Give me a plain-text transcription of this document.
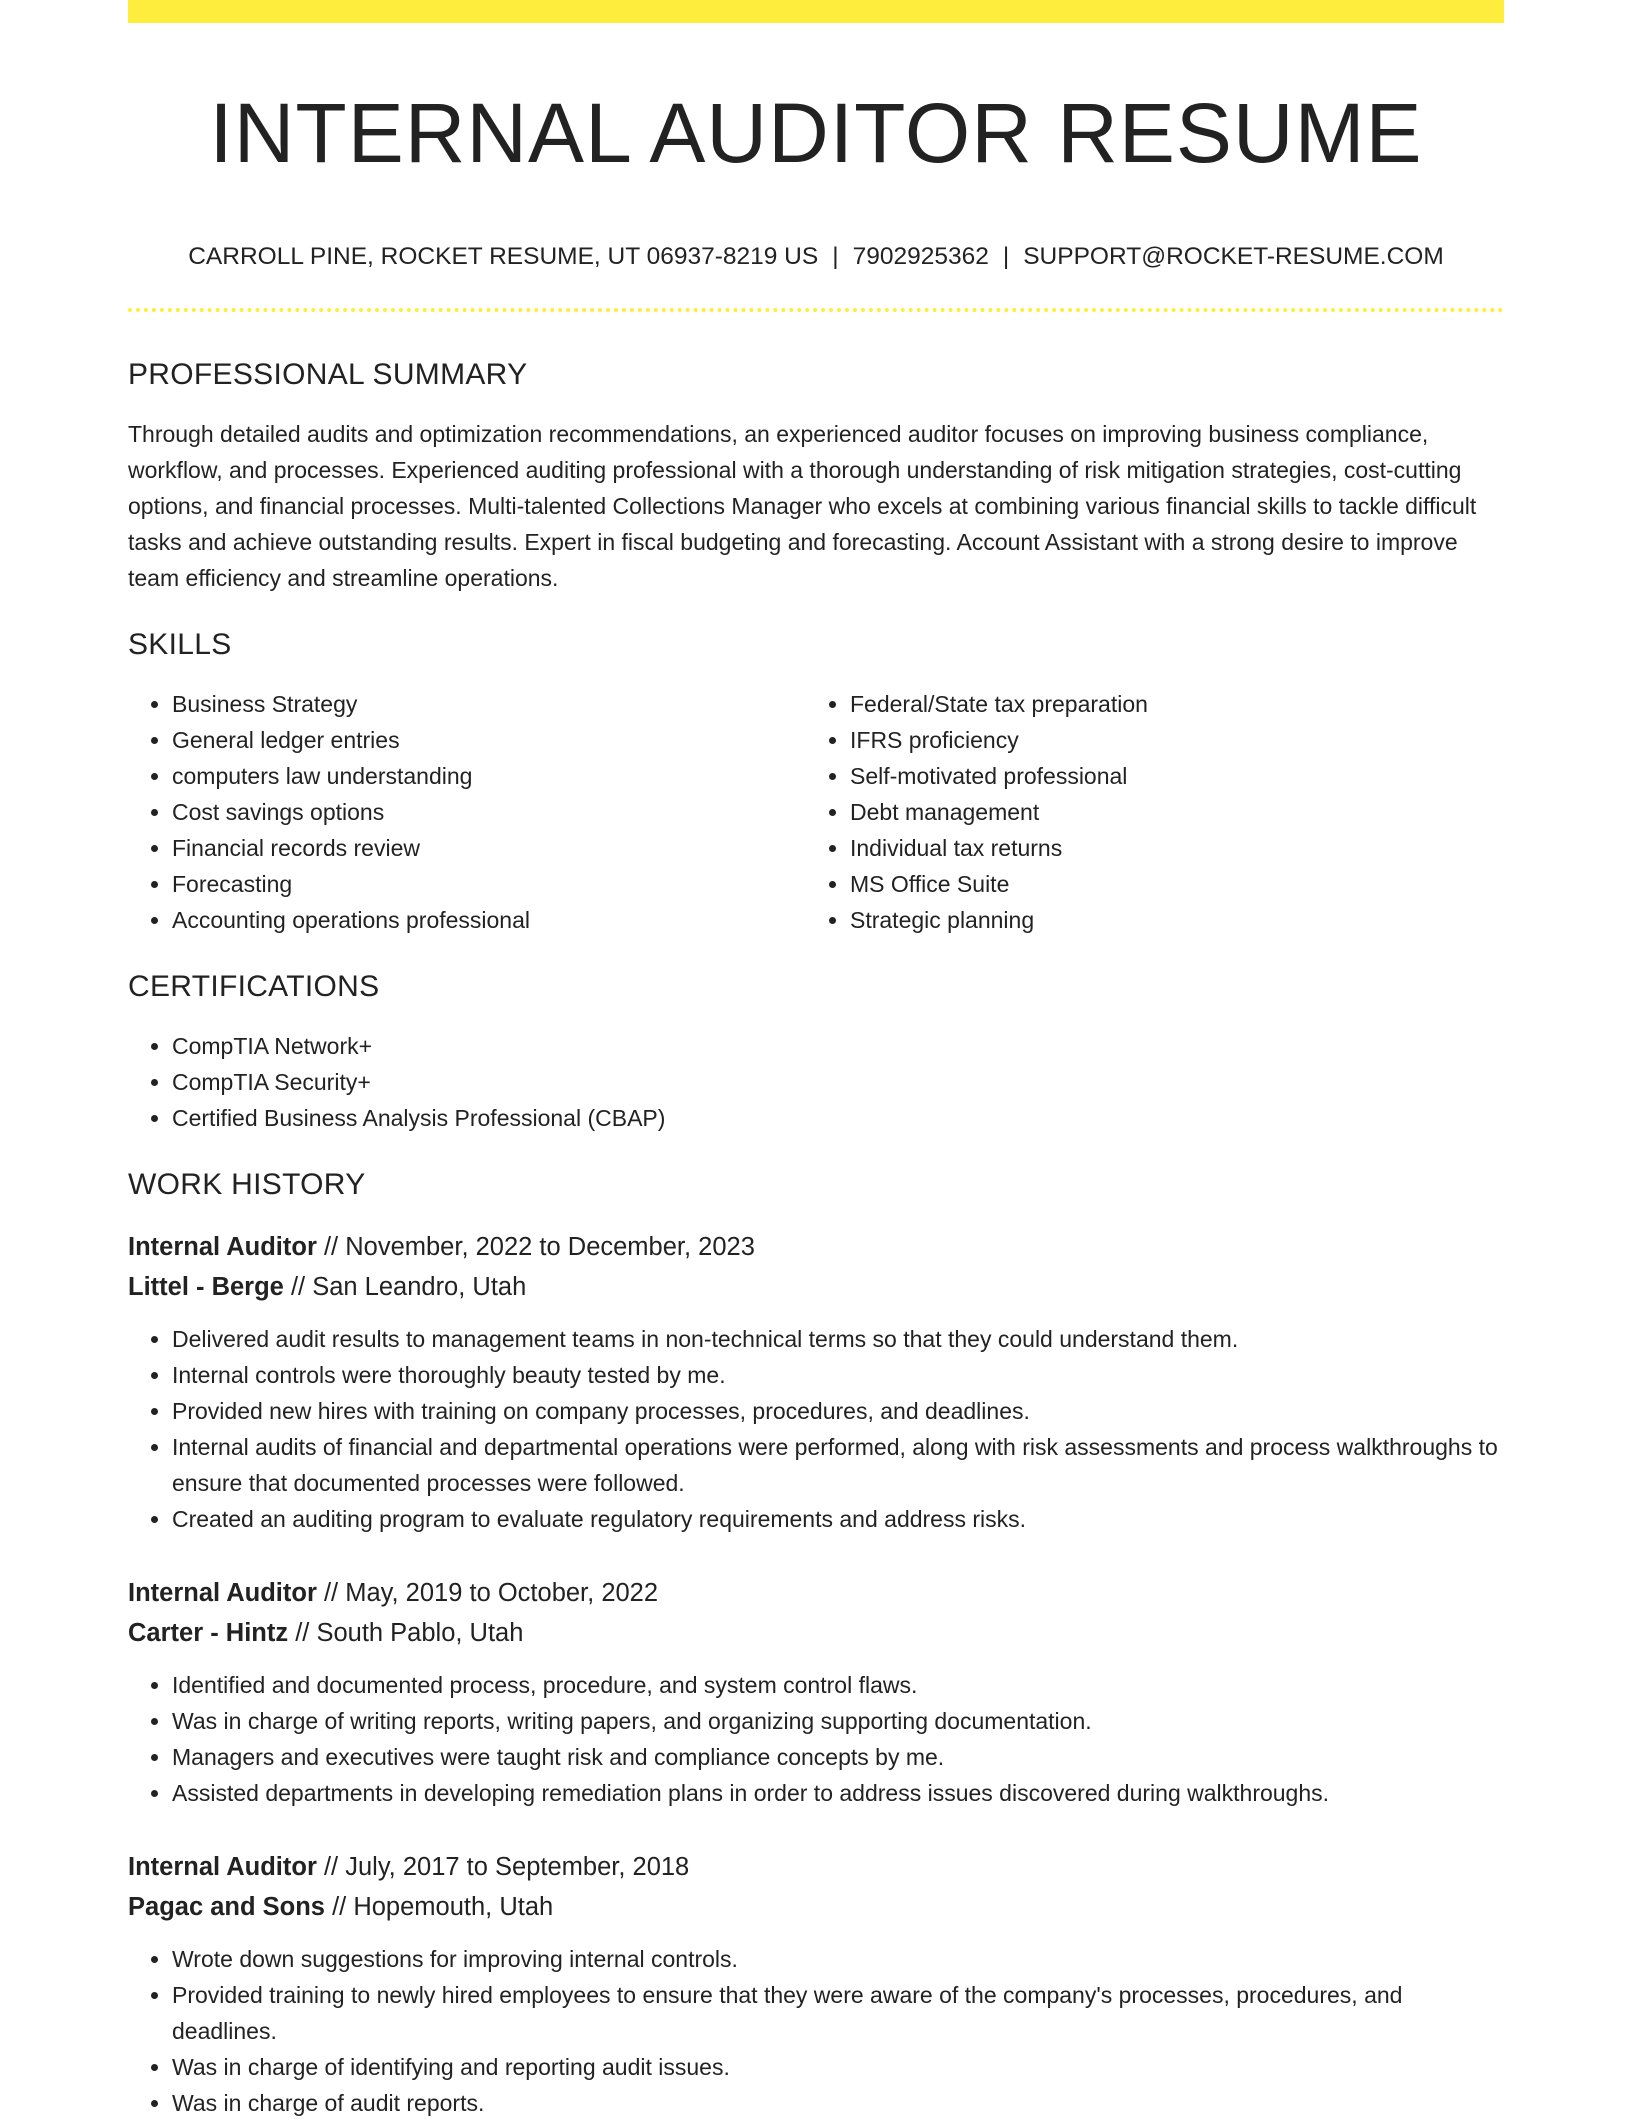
INTERNAL AUDITOR RESUME
CARROLL PINE, ROCKET RESUME, UT 06937-8219 US | 7902925362 | SUPPORT@ROCKET-RESUME.COM
PROFESSIONAL SUMMARY

Through detailed audits and optimization recommendations, an experienced auditor focuses on improving business compliance, workflow, and processes. Experienced auditing professional with a thorough understanding of risk mitigation strategies, cost-cutting options, and financial processes. Multi-talented Collections Manager who excels at combining various financial skills to tackle difficult tasks and achieve outstanding results. Expert in fiscal budgeting and forecasting. Account Assistant with a strong desire to improve team efficiency and streamline operations.

SKILLS
• Business Strategy
• General ledger entries
• computers law understanding
• Cost savings options
• Financial records review
• Forecasting
• Accounting operations professional
• Federal/State tax preparation
• IFRS proficiency
• Self-motivated professional
• Debt management
• Individual tax returns
• MS Office Suite
• Strategic planning
CERTIFICATIONS
• CompTIA Network+
• CompTIA Security+
• Certified Business Analysis Professional (CBAP)
WORK HISTORY
Internal Auditor // November, 2022 to December, 2023
Littel - Berge // San Leandro, Utah
• Delivered audit results to management teams in non-technical terms so that they could understand them.
• Internal controls were thoroughly beauty tested by me.
• Provided new hires with training on company processes, procedures, and deadlines.
• Internal audits of financial and departmental operations were performed, along with risk assessments and process walkthroughs to ensure that documented processes were followed.
• Created an auditing program to evaluate regulatory requirements and address risks.
Internal Auditor // May, 2019 to October, 2022
Carter - Hintz // South Pablo, Utah
• Identified and documented process, procedure, and system control flaws.
• Was in charge of writing reports, writing papers, and organizing supporting documentation.
• Managers and executives were taught risk and compliance concepts by me.
• Assisted departments in developing remediation plans in order to address issues discovered during walkthroughs.
Internal Auditor // July, 2017 to September, 2018
Pagac and Sons // Hopemouth, Utah
• Wrote down suggestions for improving internal controls.
• Provided training to newly hired employees to ensure that they were aware of the company's processes, procedures, and deadlines.
• Was in charge of identifying and reporting audit issues.
• Was in charge of audit reports.
